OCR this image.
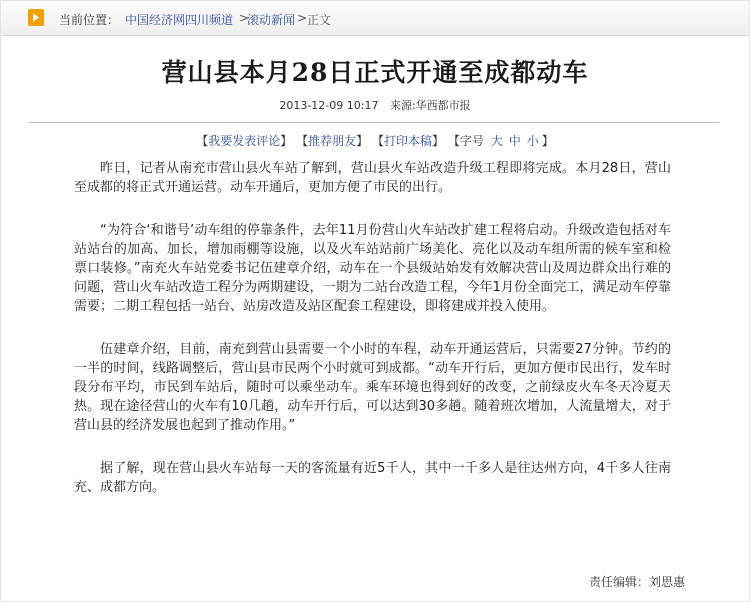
当前位置： 中国经济网四川频道 >
滚动新闻 > 正文
营山县本月28日正式开通至成都动车
2013-12-09 10:17 来源:华西都市报
【我要发表评论】 【推荐朋友】 【打印本稿】 【字号 大 中 小 】

昨日，记者从南充市营山县火车站了解到，营山县火车站改造升级工程即将完成。本月28日，营山至成都的将正式开通运营。动车开通后，更加方便了市民的出行。

“为符合‘和谐号’动车组的停靠条件，去年11月份营山火车站改扩建工程将启动。升级改造包括对车站站台的加高、加长，增加雨棚等设施，以及火车站站前广场美化、亮化以及动车组所需的候车室和检票口装修。”南充火车站党委书记伍建章介绍，动车在一个县级站始发有效解决营山及周边群众出行难的问题，营山火车站改造工程分为两期建设，一期为二站台改造工程，今年1月份全面完工，满足动车停靠需要；二期工程包括一站台、站房改造及站区配套工程建设，即将建成并投入使用。

伍建章介绍，目前，南充到营山县需要一个小时的车程，动车开通运营后，只需要27分钟。节约的一半的时间，线路调整后，营山县市民两个小时就可到成都。“动车开行后，更加方便市民出行，发车时段分布平均，市民到车站后，随时可以乘坐动车。乘车环境也得到好的改变，之前绿皮火车冬天冷夏天热。现在途径营山的火车有10几趟，动车开行后，可以达到30多趟。随着班次增加，人流量增大，对于营山县的经济发展也起到了推动作用。”

据了解，现在营山县火车站每一天的客流量有近5千人，其中一千多人是往达州方向，4千多人往南充、成都方向。

责任编辑：刘思惠
